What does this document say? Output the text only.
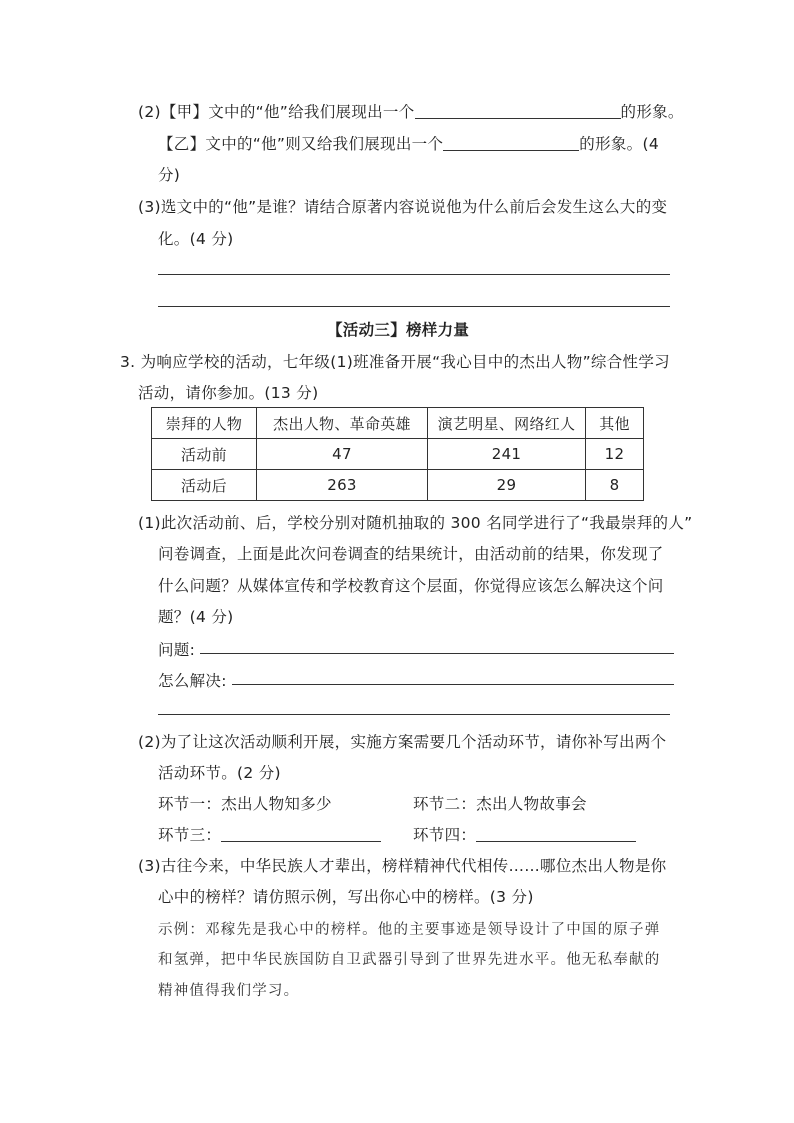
(2)【甲】文中的“他”给我们展现出一个	的形象。
【乙】文中的“他”则又给我们展现出一个	的形象。(4
分)
(3)选文中的“他”是谁？请结合原著内容说说他为什么前后会发生这么大的变
化。(4 分)
【活动三】榜样力量
3. 为响应学校的活动，七年级(1)班准备开展“我心目中的杰出人物”综合性学习
活动，请你参加。(13 分)
崇拜的人物	杰出人物、革命英雄	演艺明星、网络红人	其他
活动前	47	241	12
活动后	263	29	8
(1)此次活动前、后，学校分别对随机抽取的 300 名同学进行了“我最崇拜的人”
问卷调查，上面是此次问卷调查的结果统计，由活动前的结果，你发现了
什么问题？从媒体宣传和学校教育这个层面，你觉得应该怎么解决这个问
题？(4 分)
问题:
怎么解决:
(2)为了让这次活动顺利开展，实施方案需要几个活动环节，请你补写出两个
活动环节。(2 分)
环节一：杰出人物知多少	环节二：杰出人物故事会
环节三：	环节四：
(3)古往今来，中华民族人才辈出，榜样精神代代相传……哪位杰出人物是你
心中的榜样？请仿照示例，写出你心中的榜样。(3 分)
示例：邓稼先是我心中的榜样。他的主要事迹是领导设计了中国的原子弹
和氢弹，把中华民族国防自卫武器引导到了世界先进水平。他无私奉献的
精神值得我们学习。
